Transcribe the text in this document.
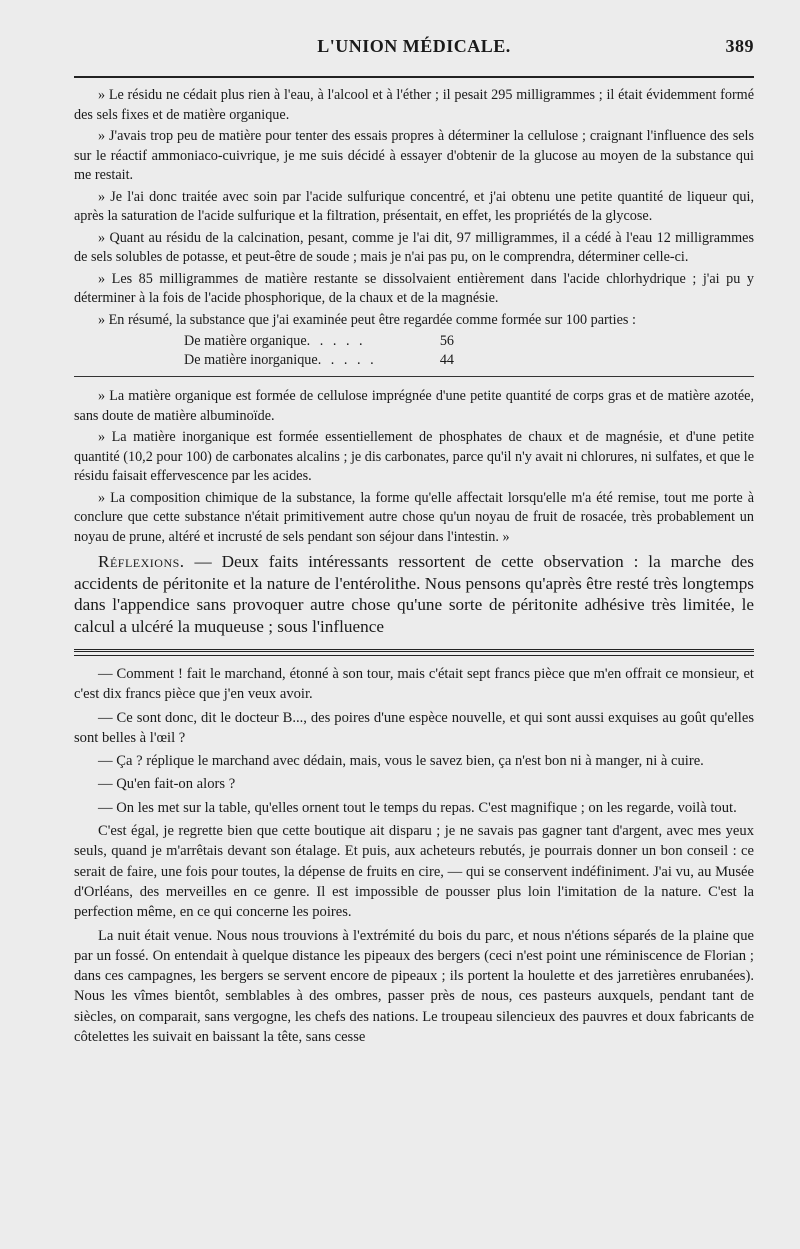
L'UNION MÉDICALE.	389

» Le résidu ne cédait plus rien à l'eau, à l'alcool et à l'éther ; il pesait 295 milligrammes ; il était évidemment formé des sels fixes et de matière organique.

» J'avais trop peu de matière pour tenter des essais propres à déterminer la cellulose ; craignant l'influence des sels sur le réactif ammoniaco-cuivrique, je me suis décidé à essayer d'obtenir de la glucose au moyen de la substance qui me restait.

» Je l'ai donc traitée avec soin par l'acide sulfurique concentré, et j'ai obtenu une petite quantité de liqueur qui, après la saturation de l'acide sulfurique et la filtration, présentait, en effet, les propriétés de la glycose.

» Quant au résidu de la calcination, pesant, comme je l'ai dit, 97 milligrammes, il a cédé à l'eau 12 milligrammes de sels solubles de potasse, et peut-être de soude ; mais je n'ai pas pu, on le comprendra, déterminer celle-ci.

» Les 85 milligrammes de matière restante se dissolvaient entièrement dans l'acide chlorhydrique ; j'ai pu y déterminer à la fois de l'acide phosphorique, de la chaux et de la magnésie.

» En résumé, la substance que j'ai examinée peut être regardée comme formée sur 100 parties :

De matière organique . . . . .	56
De matière inorganique . . . . .	44

» La matière organique est formée de cellulose imprégnée d'une petite quantité de corps gras et de matière azotée, sans doute de matière albuminoïde.

» La matière inorganique est formée essentiellement de phosphates de chaux et de magnésie, et d'une petite quantité (10,2 pour 100) de carbonates alcalins ; je dis carbonates, parce qu'il n'y avait ni chlorures, ni sulfates, et que le résidu faisait effervescence par les acides.

» La composition chimique de la substance, la forme qu'elle affectait lorsqu'elle m'a été remise, tout me porte à conclure que cette substance n'était primitivement autre chose qu'un noyau de fruit de rosacée, très probablement un noyau de prune, altéré et incrusté de sels pendant son séjour dans l'intestin. »

Réflexions. — Deux faits intéressants ressortent de cette observation : la marche des accidents de péritonite et la nature de l'entérolithe. Nous pensons qu'après être resté très longtemps dans l'appendice sans provoquer autre chose qu'une sorte de péritonite adhésive très limitée, le calcul a ulcéré la muqueuse ; sous l'influence

— Comment ! fait le marchand, étonné à son tour, mais c'était sept francs pièce que m'en offrait ce monsieur, et c'est dix francs pièce que j'en veux avoir.

— Ce sont donc, dit le docteur B..., des poires d'une espèce nouvelle, et qui sont aussi exquises au goût qu'elles sont belles à l'œil ?

— Ça ? réplique le marchand avec dédain, mais, vous le savez bien, ça n'est bon ni à manger, ni à cuire.

— Qu'en fait-on alors ?

— On les met sur la table, qu'elles ornent tout le temps du repas. C'est magnifique ; on les regarde, voilà tout.

C'est égal, je regrette bien que cette boutique ait disparu ; je ne savais pas gagner tant d'argent, avec mes yeux seuls, quand je m'arrêtais devant son étalage. Et puis, aux acheteurs rebutés, je pourrais donner un bon conseil : ce serait de faire, une fois pour toutes, la dépense de fruits en cire, — qui se conservent indéfiniment. J'ai vu, au Musée d'Orléans, des merveilles en ce genre. Il est impossible de pousser plus loin l'imitation de la nature. C'est la perfection même, en ce qui concerne les poires.

La nuit était venue. Nous nous trouvions à l'extrémité du bois du parc, et nous n'étions séparés de la plaine que par un fossé. On entendait à quelque distance les pipeaux des bergers (ceci n'est point une réminiscence de Florian ; dans ces campagnes, les bergers se servent encore de pipeaux ; ils portent la houlette et des jarretières enrubanées). Nous les vîmes bientôt, semblables à des ombres, passer près de nous, ces pasteurs auxquels, pendant tant de siècles, on comparait, sans vergogne, les chefs des nations. Le troupeau silencieux des pauvres et doux fabricants de côtelettes les suivait en baissant la tête, sans cesse
